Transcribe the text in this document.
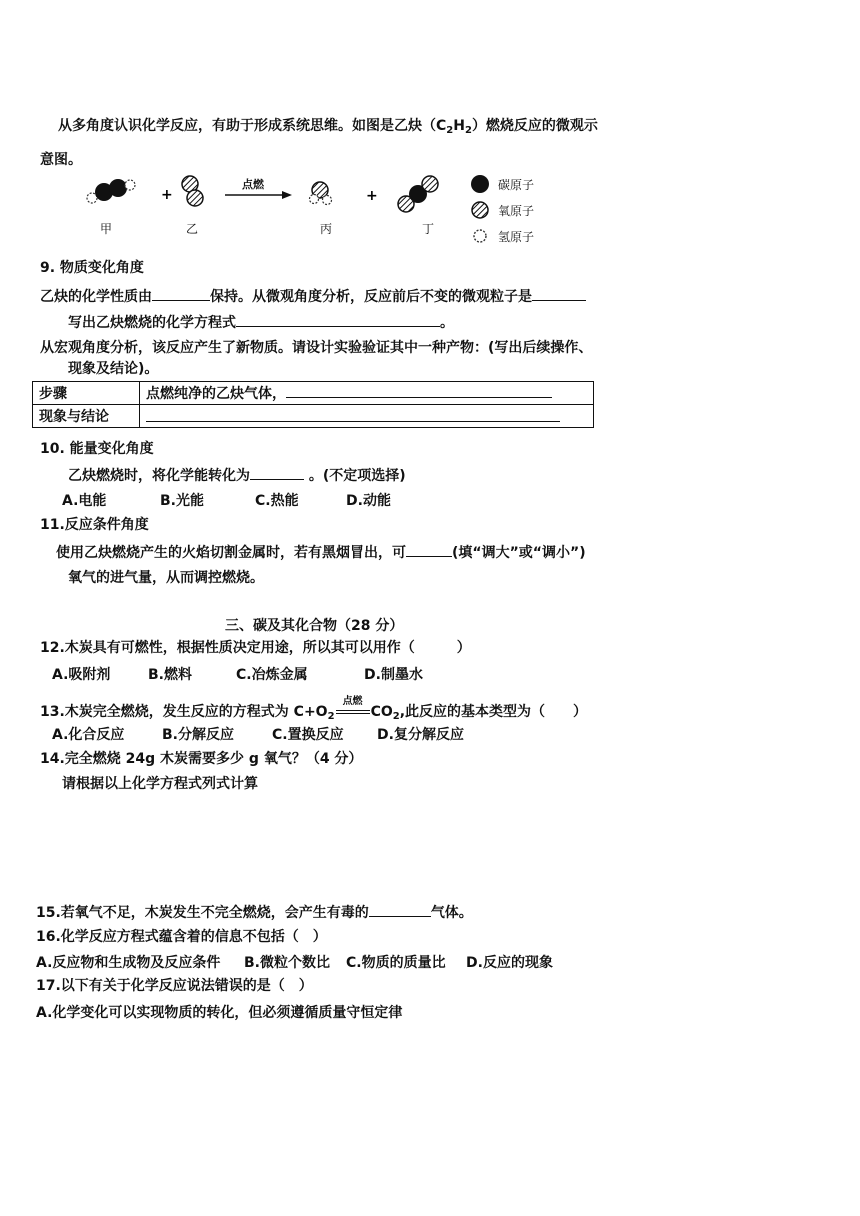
从多角度认识化学反应，有助于形成系统思维。如图是乙炔$(C_2H_2)$燃烧反应的微观示
意图。
+	+
点燃
甲	乙	丙	丁
碳原子
氧原子
氢原子
9. 物质变化角度
乙炔的化学性质由	保持。从微观角度分析，反应前后不变的微观粒子是
写出乙炔燃烧的化学方程式	。
从宏观角度分析，该反应产生了新物质。请设计实验验证其中一种产物：(写出后续操作、
现象及结论)。
步骤	点燃纯净的乙炔气体，
现象与结论	
10. 能量变化角度
乙炔燃烧时，将化学能转化为	。(不定项选择)
A.电能	B.光能	C.热能	D.动能
11.反应条件角度
使用乙炔燃烧产生的火焰切割金属时，若有黑烟冒出，可	(填“调大”或“调小”)
氧气的进气量，从而调控燃烧。
三、碳及其化合物（28 分）
12.木炭具有可燃性，根据性质决定用途，所以其可以用作（　　　）
A.吸附剂	B.燃料	C.冶炼金属	D.制墨水
13.木炭完全燃烧，发生反应的方程式为 $C+O_2$
点燃
$CO_2$,此反应的基本类型为（　　）
A.化合反应	B.分解反应	C.置换反应 D.复分解反应
14.完全燃烧 24g 木炭需要多少 g 氧气？（4 分）
请根据以上化学方程式列式计算
15.若氧气不足，木炭发生不完全燃烧，会产生有毒的	气体。
16.化学反应方程式蕴含着的信息不包括（　）
A.反应物和生成物及反应条件 B.微粒个数比 C.物质的质量比 D.反应的现象
17.以下有关于化学反应说法错误的是（　）
A.化学变化可以实现物质的转化，但必须遵循质量守恒定律
